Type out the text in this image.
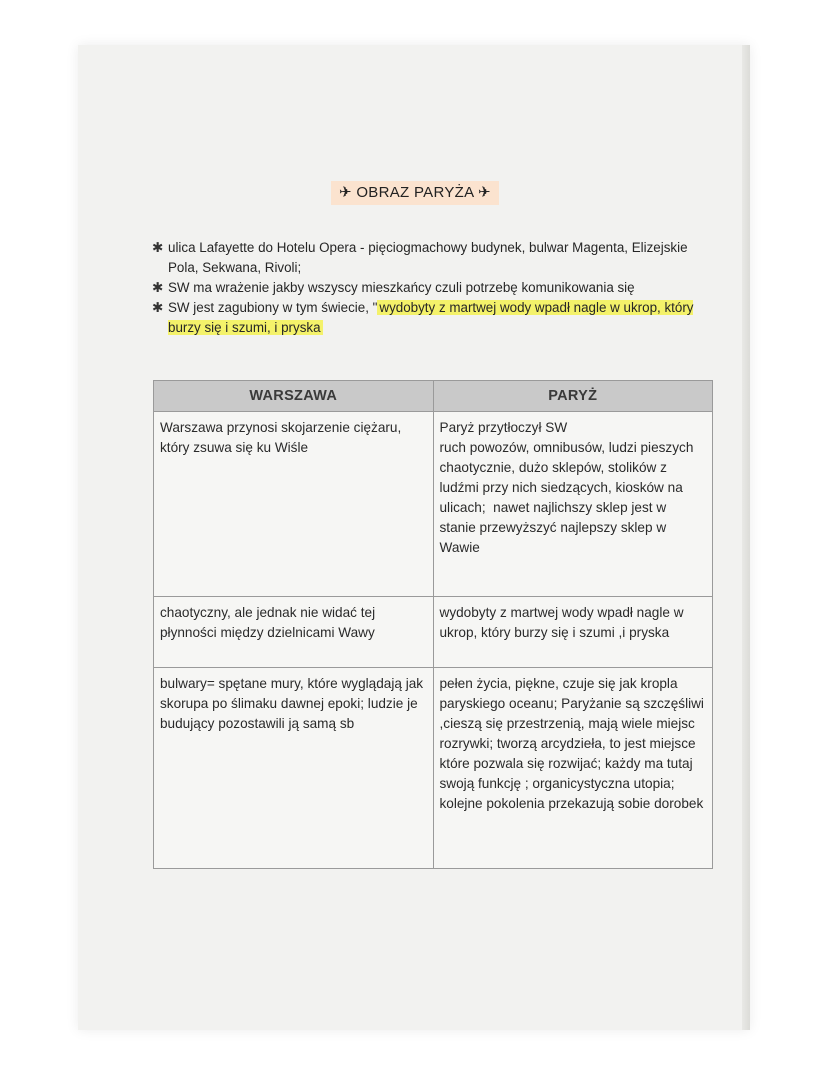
✈ OBRAZ PARYŻA ✈
✱ ulica Lafayette do Hotelu Opera - pięciogmachowy budynek, bulwar Magenta, Elizejskie Pola, Sekwana, Rivoli;
✱ SW ma wrażenie jakby wszyscy mieszkańcy czuli potrzebę komunikowania się
✱ SW jest zagubiony w tym świecie, " wydobyty z martwej wody wpadł nagle w ukrop, który burzy się i szumi, i pryska
WARSZAWA	PARYŻ

Warszawa przynosi skojarzenie ciężaru, który zsuwa się ku Wiśle	Paryż przytłoczył SW
ruch powozów, omnibusów, ludzi pieszych
chaotycznie, dużo sklepów, stolików z ludźmi przy nich siedzących, kiosków na ulicach;  nawet najlichszy sklep jest w stanie przewyższyć najlepszy sklep w Wawie

chaotyczny, ale jednak nie widać tej płynności między dzielnicami Wawy	wydobyty z martwej wody wpadł nagle w ukrop, który burzy się i szumi ,i pryska

bulwary= spętane mury, które wyglądają jak skorupa po ślimaku dawnej epoki; ludzie je budujący pozostawili ją samą sb	pełen życia, piękne, czuje się jak kropla paryskiego oceanu; Paryżanie są szczęśliwi ,cieszą się przestrzenią, mają wiele miejsc rozrywki; tworzą arcydzieła, to jest miejsce które pozwala się rozwijać; każdy ma tutaj swoją funkcję ; organicystyczna utopia; kolejne pokolenia przekazują sobie dorobek
